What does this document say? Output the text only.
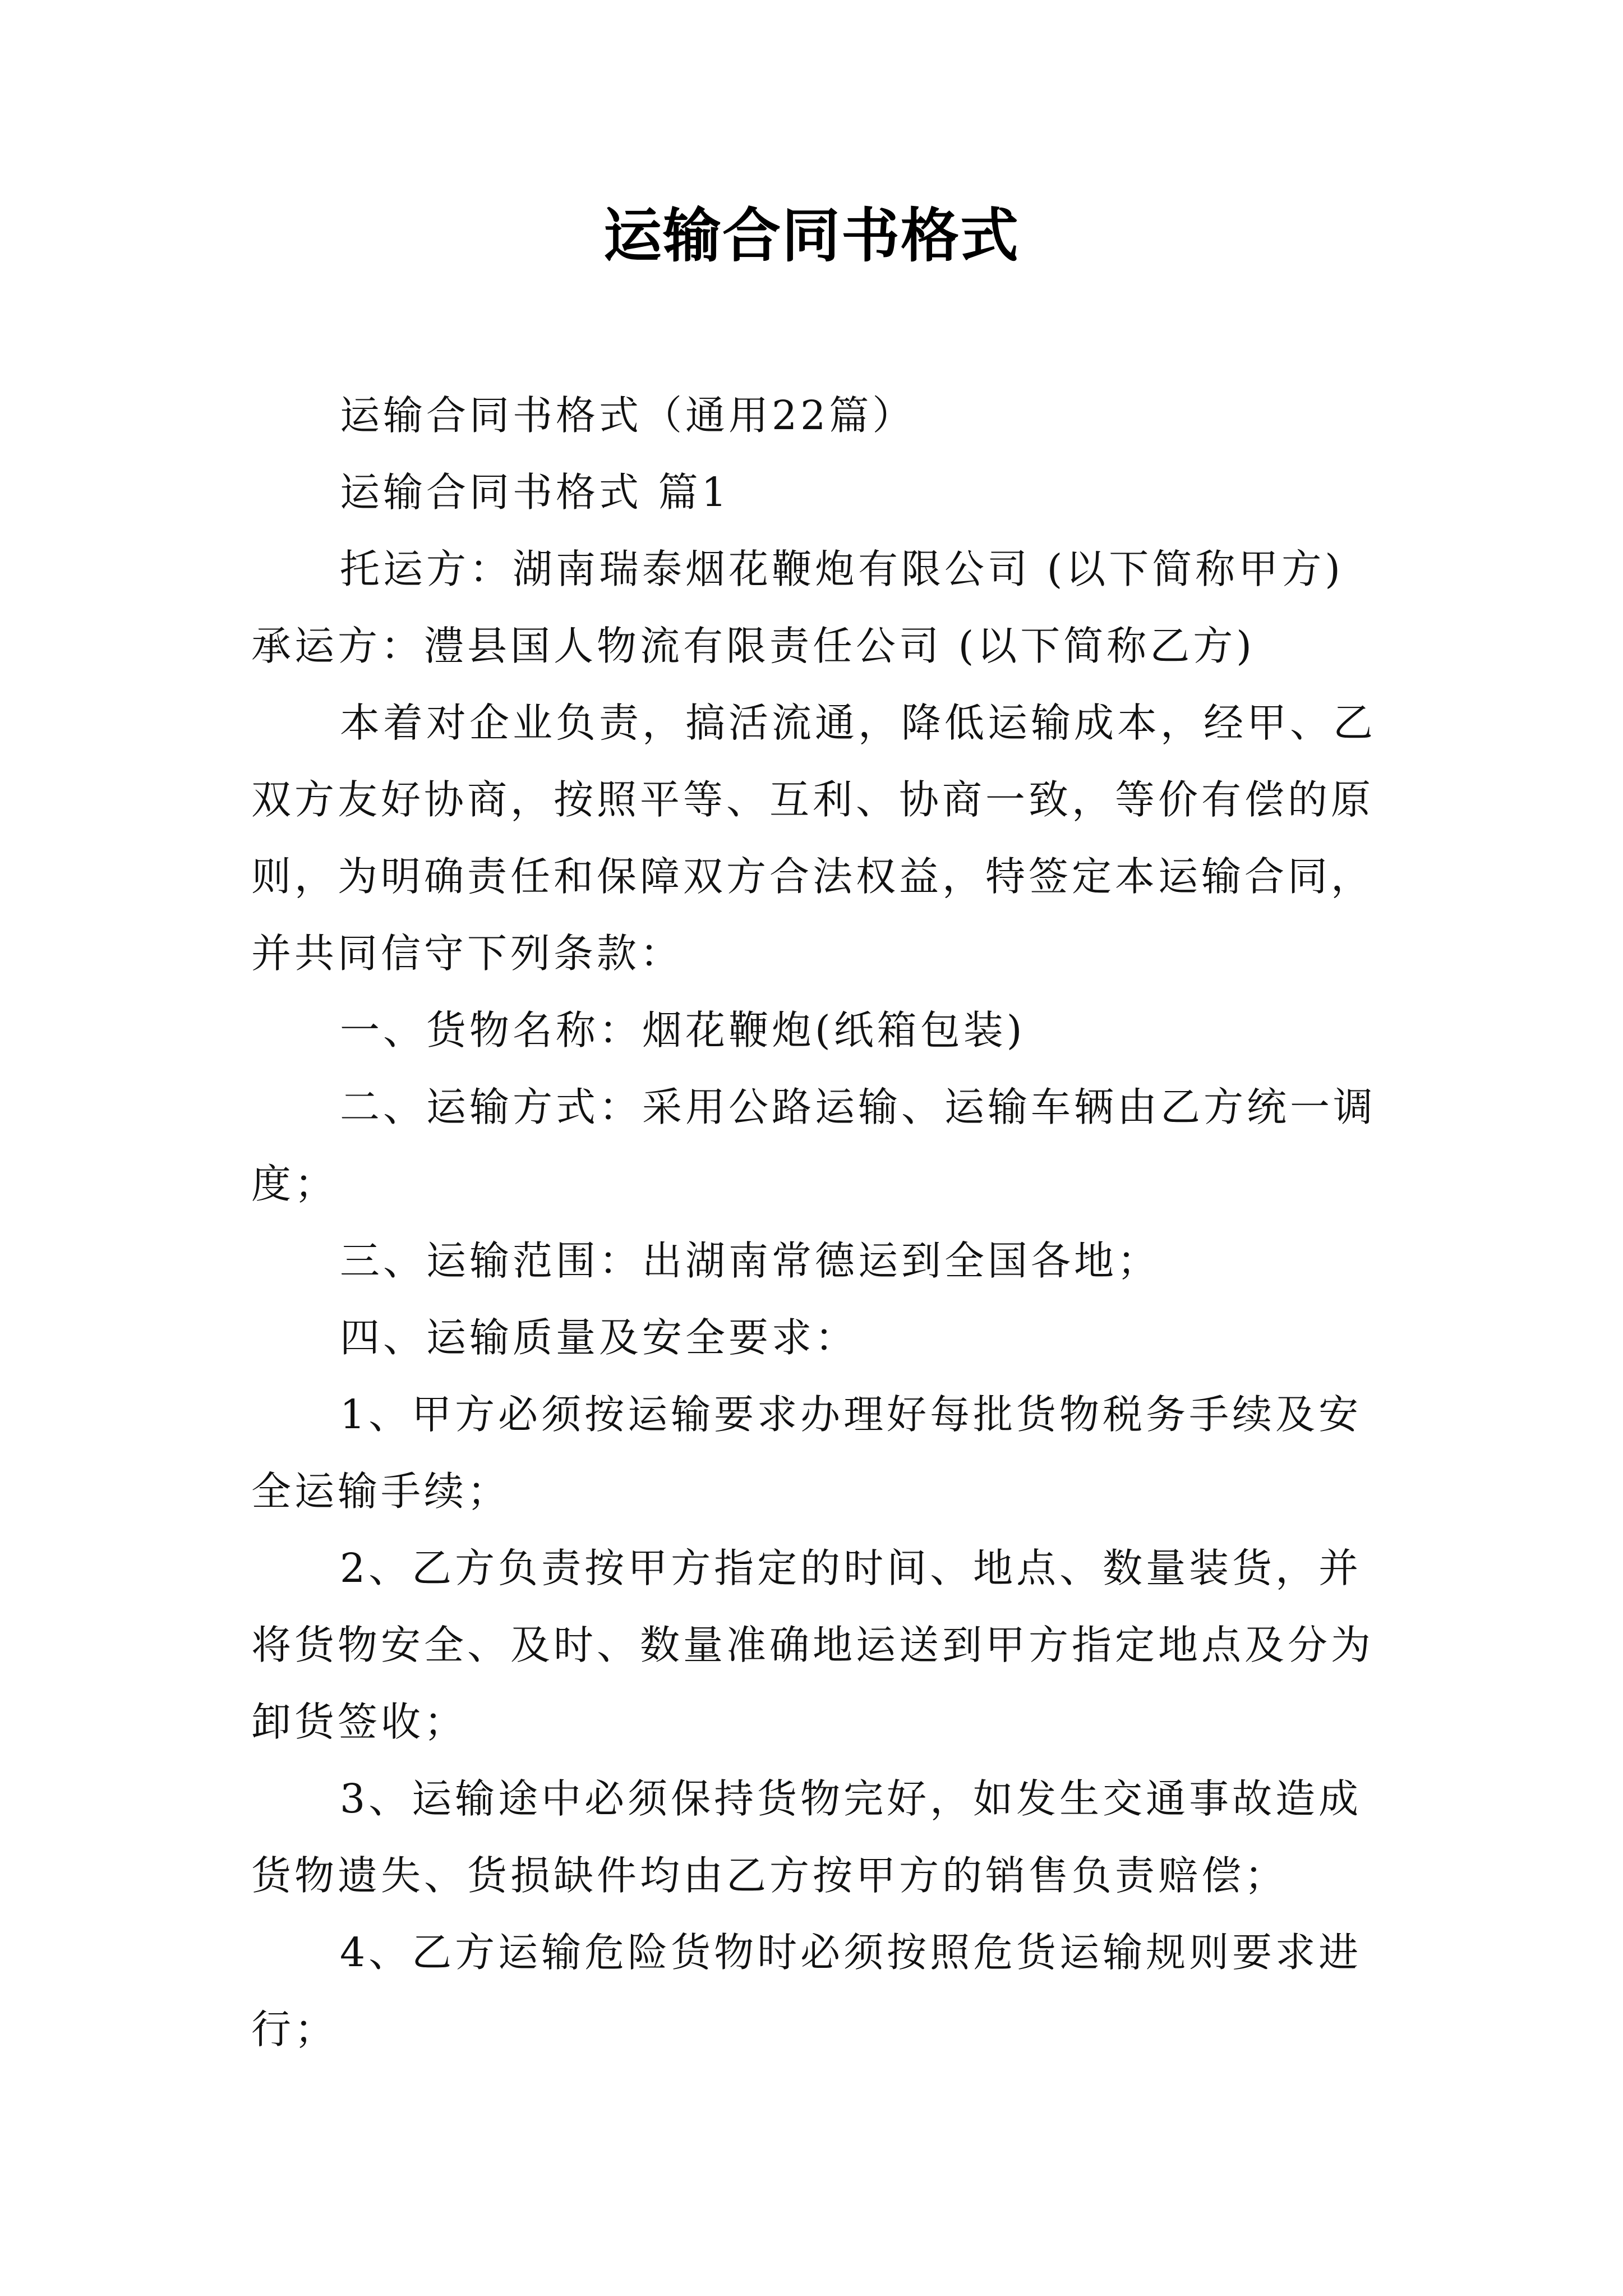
运输合同书格式

运输合同书格式（通用22篇）

运输合同书格式 篇1

托运方：湖南瑞泰烟花鞭炮有限公司 (以下简称甲方)

承运方：澧县国人物流有限责任公司 (以下简称乙方)

本着对企业负责，搞活流通，降低运输成本，经甲、乙双方友好协商，按照平等、互利、协商一致，等价有偿的原则，为明确责任和保障双方合法权益，特签定本运输合同，并共同信守下列条款：

一、货物名称：烟花鞭炮(纸箱包装)

二、运输方式：采用公路运输、运输车辆由乙方统一调度；

三、运输范围：出湖南常德运到全国各地；

四、运输质量及安全要求：

1、甲方必须按运输要求办理好每批货物税务手续及安全运输手续；

2、乙方负责按甲方指定的时间、地点、数量装货，并将货物安全、及时、数量准确地运送到甲方指定地点及分为卸货签收；

3、运输途中必须保持货物完好，如发生交通事故造成货物遗失、货损缺件均由乙方按甲方的销售负责赔偿；

4、乙方运输危险货物时必须按照危货运输规则要求进行；
